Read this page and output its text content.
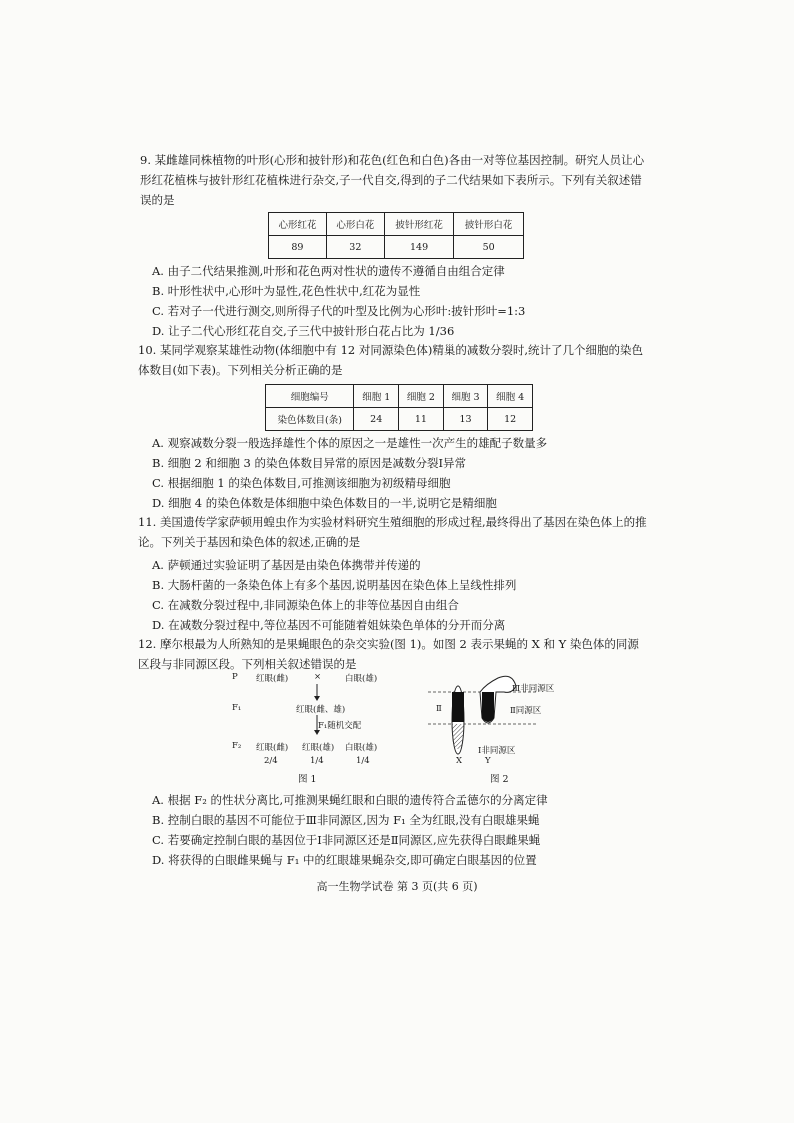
9. 某雌雄同株植物的叶形(心形和披针形)和花色(红色和白色)各由一对等位基因控制。研究人员让心形红花植株与披针形红花植株进行杂交,子一代自交,得到的子二代结果如下表所示。下列有关叙述错误的是
心形红花	心形白花	披针形红花	披针形白花
89	32	149	50
A. 由子二代结果推测,叶形和花色两对性状的遗传不遵循自由组合定律
B. 叶形性状中,心形叶为显性,花色性状中,红花为显性
C. 若对子一代进行测交,则所得子代的叶型及比例为心形叶:披针形叶=1:3
D. 让子二代心形红花自交,子三代中披针形白花占比为 1/36
10. 某同学观察某雄性动物(体细胞中有 12 对同源染色体)精巢的减数分裂时,统计了几个细胞的染色体数目(如下表)。下列相关分析正确的是
细胞编号	细胞 1	细胞 2	细胞 3	细胞 4
染色体数目(条)	24	11	13	12
A. 观察减数分裂一般选择雄性个体的原因之一是雄性一次产生的雄配子数量多
B. 细胞 2 和细胞 3 的染色体数目异常的原因是减数分裂Ⅰ异常
C. 根据细胞 1 的染色体数目,可推测该细胞为初级精母细胞
D. 细胞 4 的染色体数是体细胞中染色体数目的一半,说明它是精细胞
11. 美国遗传学家萨顿用蝗虫作为实验材料研究生殖细胞的形成过程,最终得出了基因在染色体上的推论。下列关于基因和染色体的叙述,正确的是
A. 萨顿通过实验证明了基因是由染色体携带并传递的
B. 大肠杆菌的一条染色体上有多个基因,说明基因在染色体上呈线性排列
C. 在减数分裂过程中,非同源染色体上的非等位基因自由组合
D. 在减数分裂过程中,等位基因不可能随着姐妹染色单体的分开而分离
12. 摩尔根最为人所熟知的是果蝇眼色的杂交实验(图 1)。如图 2 表示果蝇的 X 和 Y 染色体的同源区段与非同源区段。下列相关叙述错误的是
P 红眼(雌)	×	白眼(雄)
F₁	红眼(雌、雄)
F₁随机交配
F₂ 红眼(雌) 红眼(雄) 白眼(雄)
2/4	1/4	1/4
图 1
Ⅲ非同源区
Ⅱ同源区
Ⅱ
Ⅰ非同源区
X	Y
图 2
A. 根据 F₂ 的性状分离比,可推测果蝇红眼和白眼的遗传符合孟德尔的分离定律
B. 控制白眼的基因不可能位于Ⅲ非同源区,因为 F₁ 全为红眼,没有白眼雄果蝇
C. 若要确定控制白眼的基因位于Ⅰ非同源区还是Ⅱ同源区,应先获得白眼雌果蝇
D. 将获得的白眼雌果蝇与 F₁ 中的红眼雄果蝇杂交,即可确定白眼基因的位置
高一生物学试卷 第 3 页(共 6 页)
